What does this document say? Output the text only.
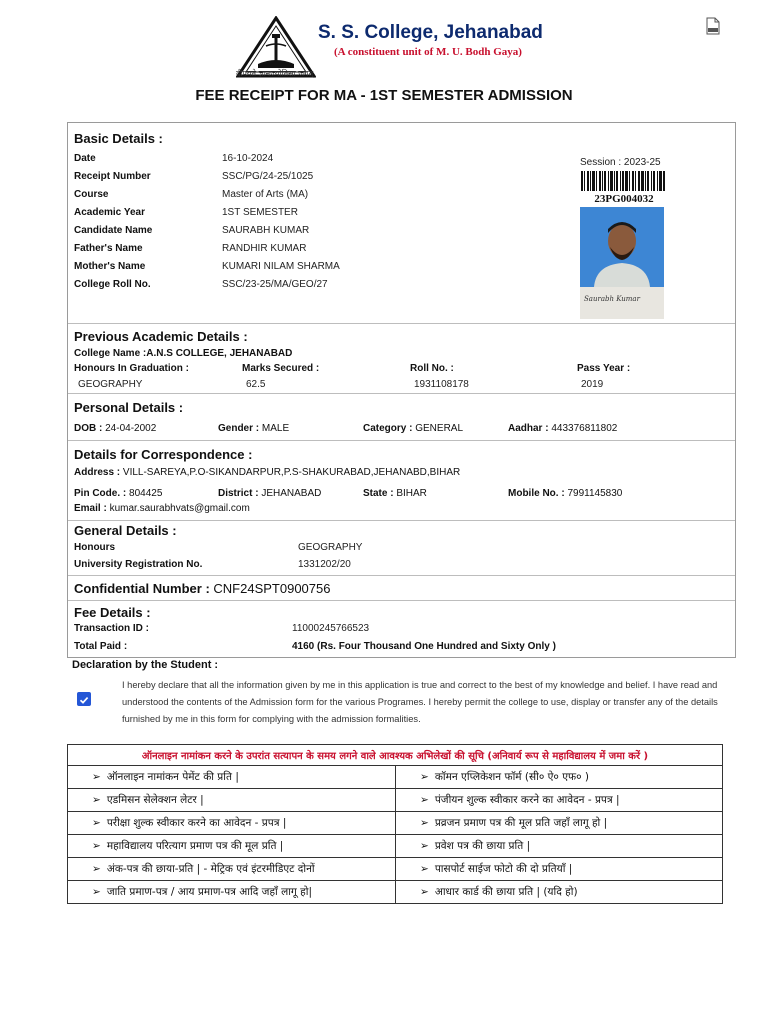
दीपयते ज्ञानज्योतिसा जगत्
S. S. College, Jehanabad
(A constituent unit of M. U. Bodh Gaya)
FEE RECEIPT FOR MA - 1ST SEMESTER ADMISSION
Basic Details :
Date	16-10-2024
Receipt Number	SSC/PG/24-25/1025
Course	Master of Arts (MA)
Academic Year	1ST SEMESTER
Candidate Name	SAURABH KUMAR
Father's Name	RANDHIR KUMAR
Mother's Name	KUMARI NILAM SHARMA
College Roll No.	SSC/23-25/MA/GEO/27
Session : 2023-25
23PG004032
Saurabh Kumar
Previous Academic Details :
College Name :A.N.S COLLEGE, JEHANABAD
Honours In Graduation :	Marks Secured :	Roll No. :	Pass Year :
GEOGRAPHY	62.5	1931108178	2019
Personal Details :
DOB : 24-04-2002	Gender : MALE	Category : GENERAL	Aadhar : 443376811802
Details for Correspondence :
Address : VILL-SAREYA,P.O-SIKANDARPUR,P.S-SHAKURABAD,JEHANABD,BIHAR
Pin Code. : 804425	District : JEHANABAD	State : BIHAR	Mobile No. : 7991145830
Email : kumar.saurabhvats@gmail.com
General Details :
Honours	GEOGRAPHY
University Registration No.	1331202/20
Confidential Number : CNF24SPT0900756
Fee Details :
Transaction ID :	11000245766523
Total Paid :	4160 (Rs. Four Thousand One Hundred and Sixty Only )
Declaration by the Student :
I hereby declare that all the information given by me in this application is true and correct to the best of my knowledge and belief. I have read and understood the contents of the Admission form for the various Programes. I hereby permit the college to use, display or transfer any of the details furnished by me in this form for complying with the admission formalities.
ऑनलाइन नामांकन करने के उपरांत सत्यापन के समय लगने वाले आवश्यक अभिलेखों की सूचि (अनिवार्य रूप से महाविद्यालय में जमा करें )	
➢ ऑनलाइन नामांकन पेमेंट की प्रति |	➢ कॉमन एप्लिकेशन फॉर्म (सी० ऐ० एफ० )
➢ एडमिसन सेलेक्शन लेटर |	➢ पंजीयन शुल्क स्वीकार करने का आवेदन - प्रपत्र |
➢ परीक्षा शुल्क स्वीकार करने का आवेदन - प्रपत्र |	➢ प्रव्रजन प्रमाण पत्र की मूल प्रति जहाँ लागू हो |
➢ महाविद्यालय परित्याग प्रमाण पत्र की मूल प्रति |	➢ प्रवेश पत्र की छाया प्रति |
➢ अंक-पत्र की छाया-प्रति | - मेट्रिक एवं इंटरमीडिएट दोनों	➢ पासपोर्ट साईज फोटो की दो प्रतियाँ |
➢ जाति प्रमाण-पत्र / आय प्रमाण-पत्र आदि जहाँ लागू हो|	➢ आधार कार्ड की छाया प्रति | (यदि हो)
